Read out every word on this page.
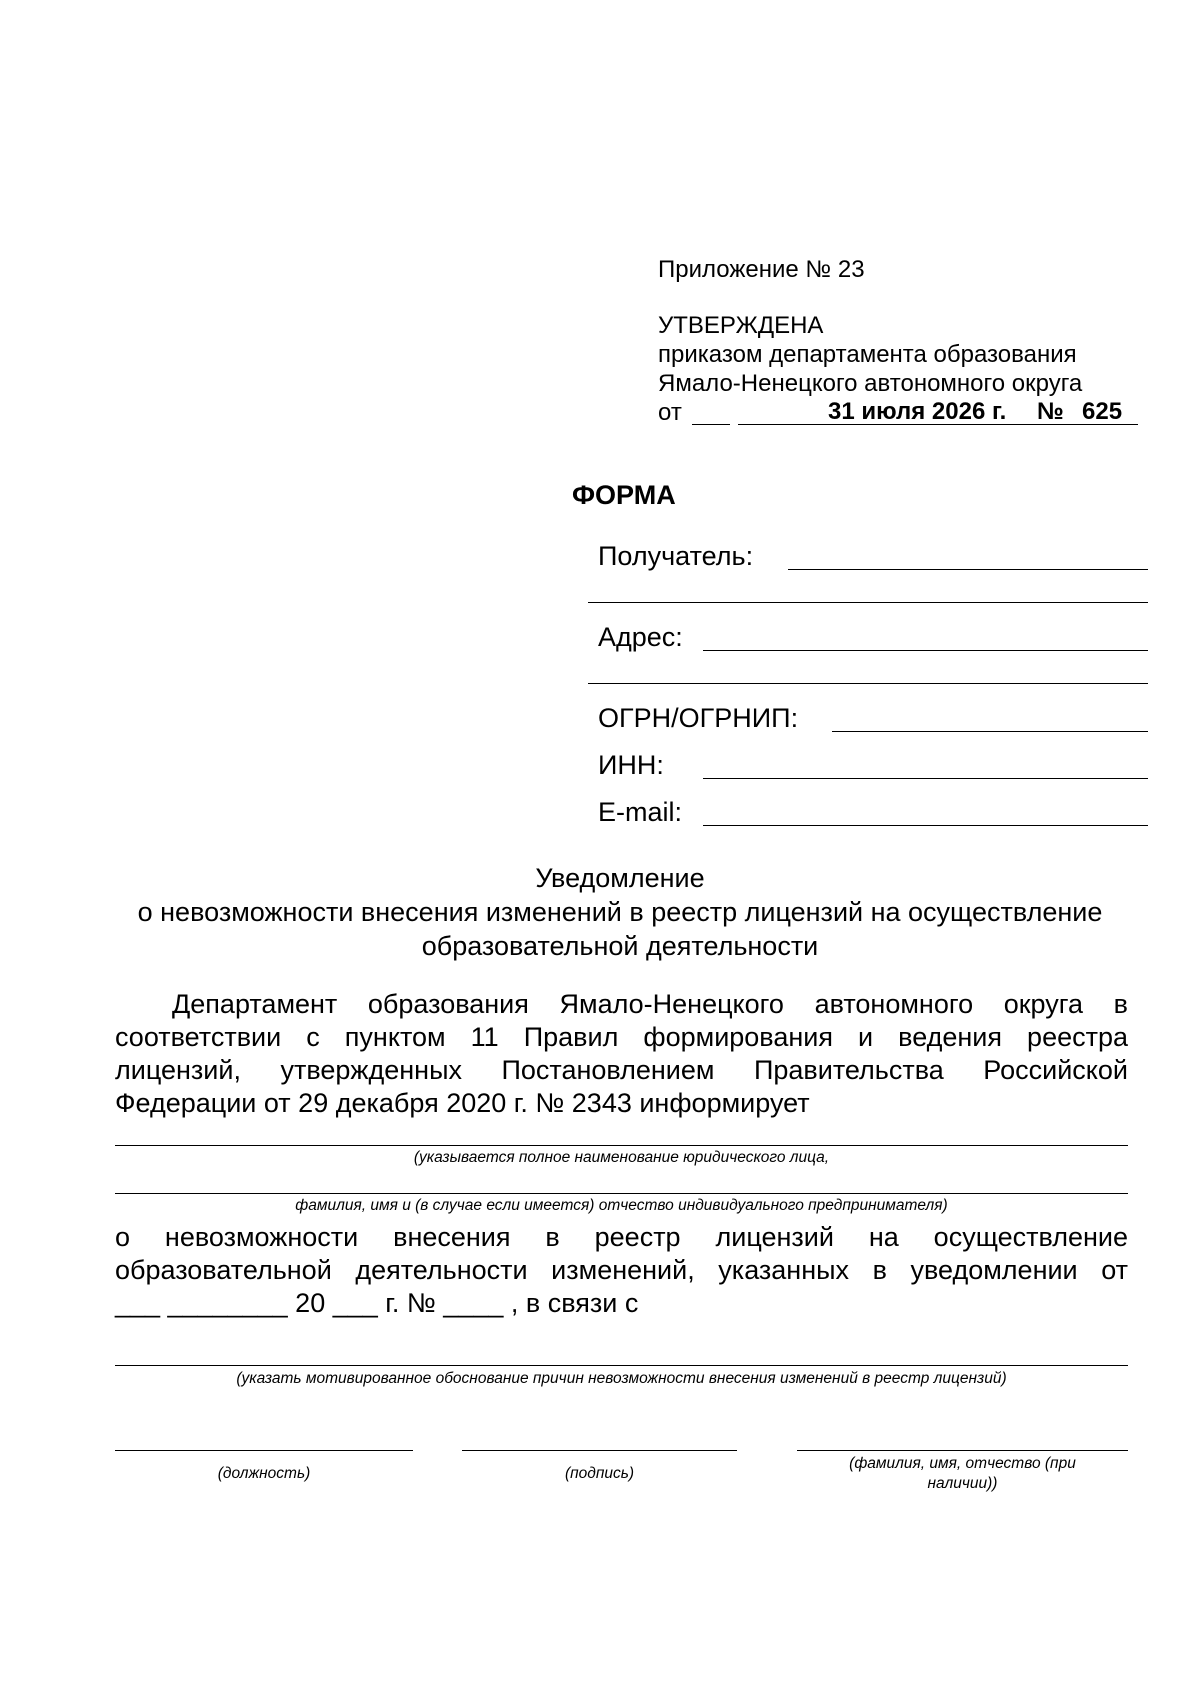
Приложение № 23
УТВЕРЖДЕНА
приказом департамента образования
Ямало-Ненецкого автономного округа
от	31 июля 2026 г. № 625
ФОРМА
Получатель:
Адрес:
ОГРН/ОГРНИП:
ИНН:
E-mail:
Уведомление
о невозможности внесения изменений в реестр лицензий на осуществление
образовательной деятельности
Департамент образования Ямало-Ненецкого автономного округа в
соответствии с пунктом 11 Правил формирования и ведения реестра
лицензий, утвержденных Постановлением Правительства Российской
Федерации от 29 декабря 2020 г. № 2343 информирует
(указывается полное наименование юридического лица,
фамилия, имя и (в случае если имеется) отчество индивидуального предпринимателя)
о невозможности внесения в реестр лицензий на осуществление
образовательной деятельности изменений, указанных в уведомлении от
___ ________ 20 ___ г. № ____ , в связи с
(указать мотивированное обоснование причин невозможности внесения изменений в реестр лицензий)
(должность)	(подпись)
(фамилия, имя, отчество (при
наличии))
